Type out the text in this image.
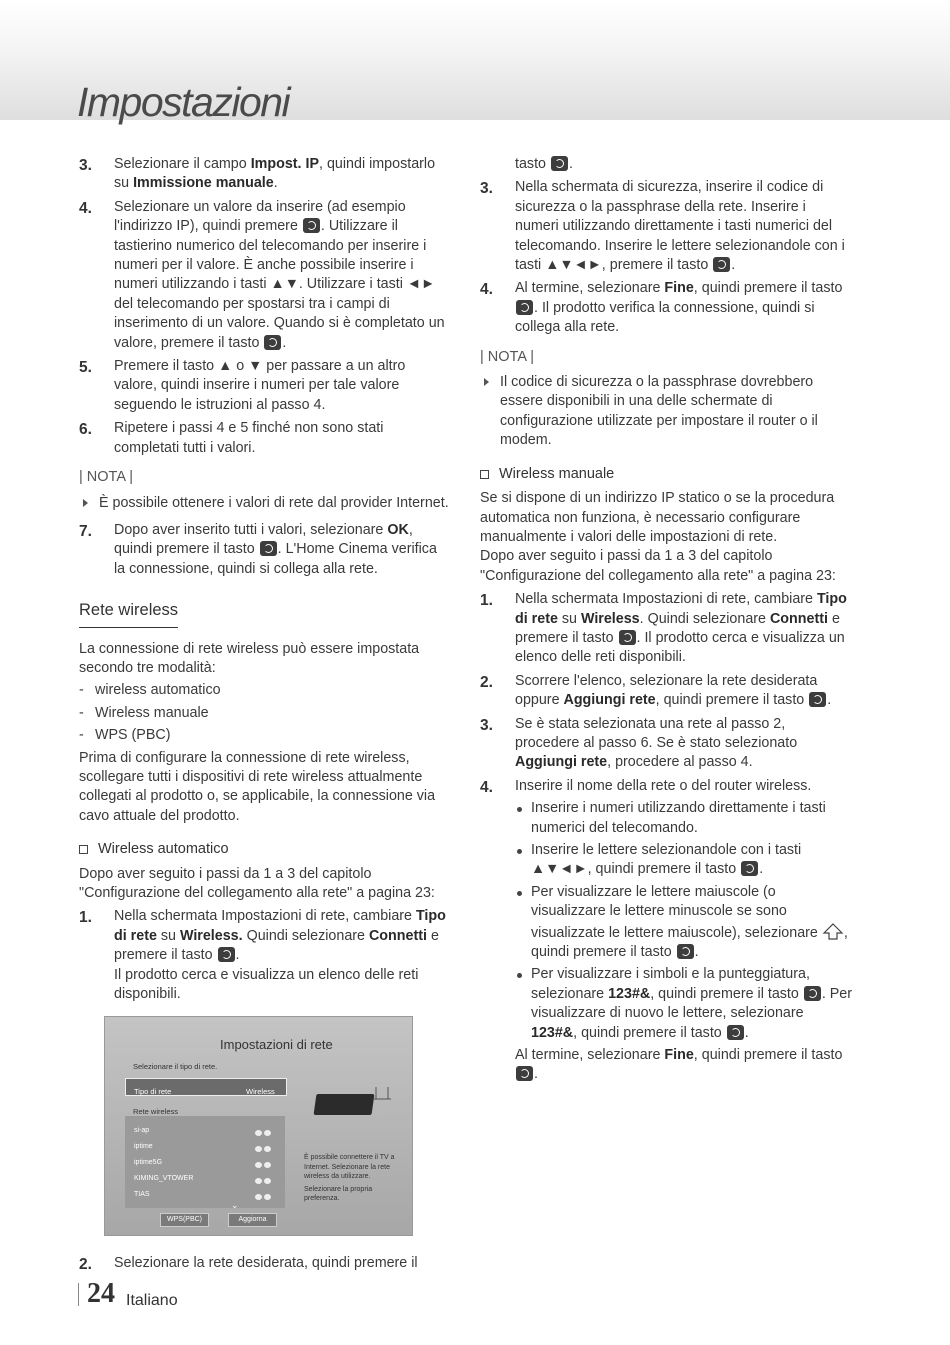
Impostazioni
3. Selezionare il campo Impost. IP, quindi impostarlo su Immissione manuale.

4. Selezionare un valore da inserire (ad esempio l'indirizzo IP), quindi premere . Utilizzare il tastierino numerico del telecomando per inserire i numeri per il valore. È anche possibile inserire i numeri utilizzando i tasti ▲▼. Utilizzare i tasti ◄► del telecomando per spostarsi tra i campi di inserimento di un valore. Quando si è completato un valore, premere il tasto .

5. Premere il tasto ▲ o ▼ per passare a un altro valore, quindi inserire i numeri per tale valore seguendo le istruzioni al passo 4.

6. Ripetere i passi 4 e 5 finché non sono stati completati tutti i valori.

| NOTA |

È possibile ottenere i valori di rete dal provider Internet.

7. Dopo aver inserito tutti i valori, selezionare OK, quindi premere il tasto . L'Home Cinema verifica la connessione, quindi si collega alla rete.

Rete wireless

La connessione di rete wireless può essere impostata secondo tre modalità:

- wireless automatico
- Wireless manuale
- WPS (PBC)

Prima di configurare la connessione di rete wireless, scollegare tutti i dispositivi di rete wireless attualmente collegati al prodotto o, se applicabile, la connessione via cavo attuale del prodotto.

Wireless automatico

Dopo aver seguito i passi da 1 a 3 del capitolo "Configurazione del collegamento alla rete" a pagina 23:

1. Nella schermata Impostazioni di rete, cambiare Tipo di rete su Wireless. Quindi selezionare Connetti e premere il tasto .
Il prodotto cerca e visualizza un elenco delle reti disponibili.

Impostazioni di rete
Selezionare il tipo di rete.
Tipo di rete	Wireless
Rete wireless
si-ap
iptime
iptime5G
KIMING_VTOWER
TIAS
⌄
WPS(PBC)	Aggiorna

È possibile connettere il TV a Internet. Selezionare la rete wireless da utilizzare.

Selezionare la propria preferenza.

2. Selezionare la rete desiderata, quindi premere il

tasto .

3. Nella schermata di sicurezza, inserire il codice di sicurezza o la passphrase della rete. Inserire i numeri utilizzando direttamente i tasti numerici del telecomando. Inserire le lettere selezionandole con i tasti ▲▼◄►, premere il tasto .

4. Al termine, selezionare Fine, quindi premere il tasto . Il prodotto verifica la connessione, quindi si collega alla rete.

| NOTA |

Il codice di sicurezza o la passphrase dovrebbero essere disponibili in una delle schermate di configurazione utilizzate per impostare il router o il modem.

Wireless manuale

Se si dispone di un indirizzo IP statico o se la procedura automatica non funziona, è necessario configurare manualmente i valori delle impostazioni di rete.

Dopo aver seguito i passi da 1 a 3 del capitolo "Configurazione del collegamento alla rete" a pagina 23:

1. Nella schermata Impostazioni di rete, cambiare Tipo di rete su Wireless. Quindi selezionare Connetti e premere il tasto . Il prodotto cerca e visualizza un elenco delle reti disponibili.

2. Scorrere l'elenco, selezionare la rete desiderata oppure Aggiungi rete, quindi premere il tasto .

3. Se è stata selezionata una rete al passo 2, procedere al passo 6. Se è stato selezionato Aggiungi rete, procedere al passo 4.

4. Inserire il nome della rete o del router wireless.

Inserire i numeri utilizzando direttamente i tasti numerici del telecomando.

Inserire le lettere selezionandole con i tasti ▲▼◄►, quindi premere il tasto .

Per visualizzare le lettere maiuscole (o visualizzare le lettere minuscole se sono visualizzate le lettere maiuscole), selezionare , quindi premere il tasto .

Per visualizzare i simboli e la punteggiatura, selezionare 123#&, quindi premere il tasto . Per visualizzare di nuovo le lettere, selezionare 123#&, quindi premere il tasto .

Al termine, selezionare Fine, quindi premere il tasto .

24 Italiano
